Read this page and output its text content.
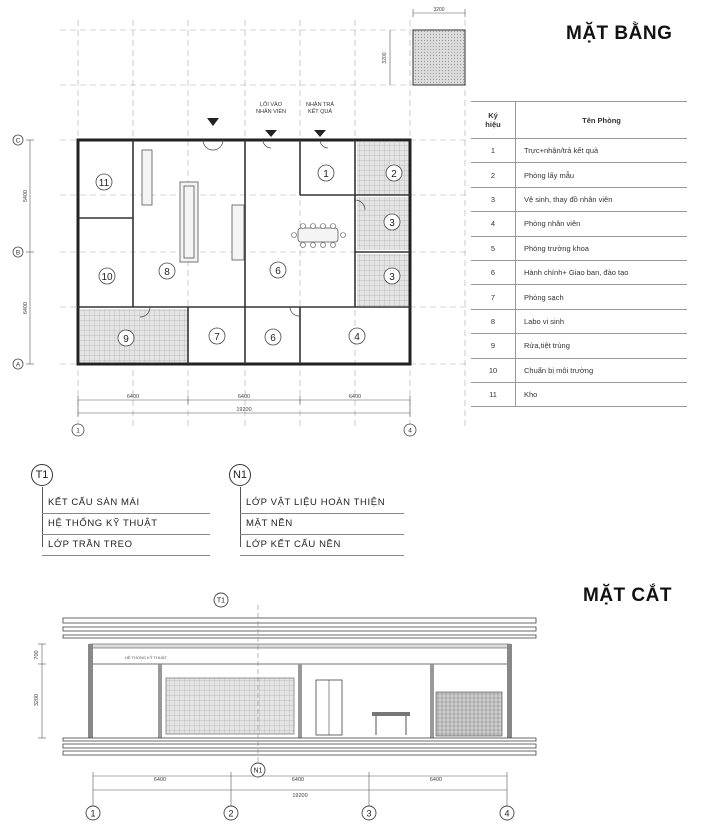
3200
3200
LỐI VÀO
NHÂN VIÊN
NHẬN TRẢ
KẾT QUẢ
11
10	8
9	7	6
6
4
1	2
3
3
C
B
A
1	4
5400
6400
6400	6400	6400
19200
HỆ THỐNG KỸ THUẬT
700
3200
6400	6400	6400
19200
1	2	3	4
T1
N1
MẶT BẰNG
MẶT CẮT
Ký
hiệu	Tên Phòng
1	Trực+nhận/trả kết quả
2	Phòng lấy mẫu
3	Vệ sinh, thay đồ nhân viên
4	Phòng nhân viên
5	Phòng trưởng khoa
6	Hành chính+ Giao ban, đào tạo
7	Phòng sạch
8	Labo vi sinh
9	Rửa,tiệt trùng
10	Chuẩn bị môi trường
11	Kho
T1
KẾT CẤU SÀN MÁI
HỆ THỐNG KỸ THUẬT
LỚP TRẦN TREO
N1
LỚP VẬT LIỆU HOÀN THIỆN
MẶT NỀN
LỚP KẾT CẤU NỀN
